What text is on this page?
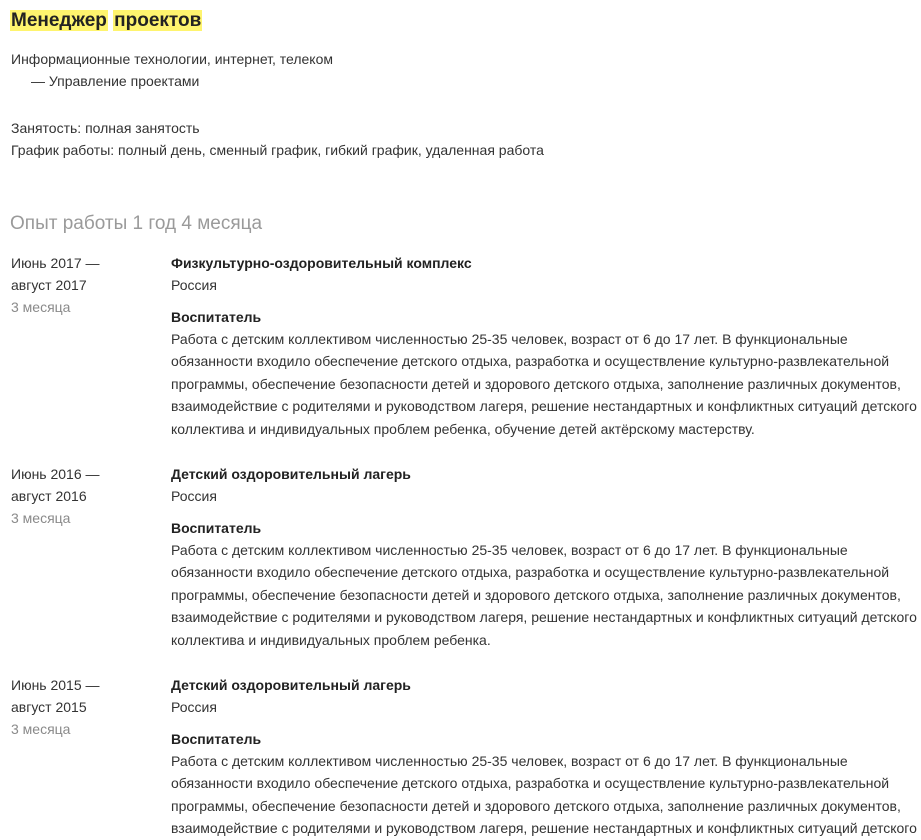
Менеджер проектов
Информационные технологии, интернет, телеком
— Управление проектами
Занятость: полная занятость
График работы: полный день, сменный график, гибкий график, удаленная работа
Опыт работы 1 год 4 месяца
Июнь 2017 —
август 2017
3 месяца
Физкультурно-оздоровительный комплекс
Россия
Воспитатель
Работа с детским коллективом численностью 25-35 человек, возраст от 6 до 17 лет. В функциональные
обязанности входило обеспечение детского отдыха, разработка и осуществление культурно-развлекательной
программы, обеспечение безопасности детей и здорового детского отдыха, заполнение различных документов,
взаимодействие с родителями и руководством лагеря, решение нестандартных и конфликтных ситуаций детского
коллектива и индивидуальных проблем ребенка, обучение детей актёрскому мастерству.
Июнь 2016 —
август 2016
3 месяца
Детский оздоровительный лагерь
Россия
Воспитатель
Работа с детским коллективом численностью 25-35 человек, возраст от 6 до 17 лет. В функциональные
обязанности входило обеспечение детского отдыха, разработка и осуществление культурно-развлекательной
программы, обеспечение безопасности детей и здорового детского отдыха, заполнение различных документов,
взаимодействие с родителями и руководством лагеря, решение нестандартных и конфликтных ситуаций детского
коллектива и индивидуальных проблем ребенка.
Июнь 2015 —
август 2015
3 месяца
Детский оздоровительный лагерь
Россия
Воспитатель
Работа с детским коллективом численностью 25-35 человек, возраст от 6 до 17 лет. В функциональные
обязанности входило обеспечение детского отдыха, разработка и осуществление культурно-развлекательной
программы, обеспечение безопасности детей и здорового детского отдыха, заполнение различных документов,
взаимодействие с родителями и руководством лагеря, решение нестандартных и конфликтных ситуаций детского
